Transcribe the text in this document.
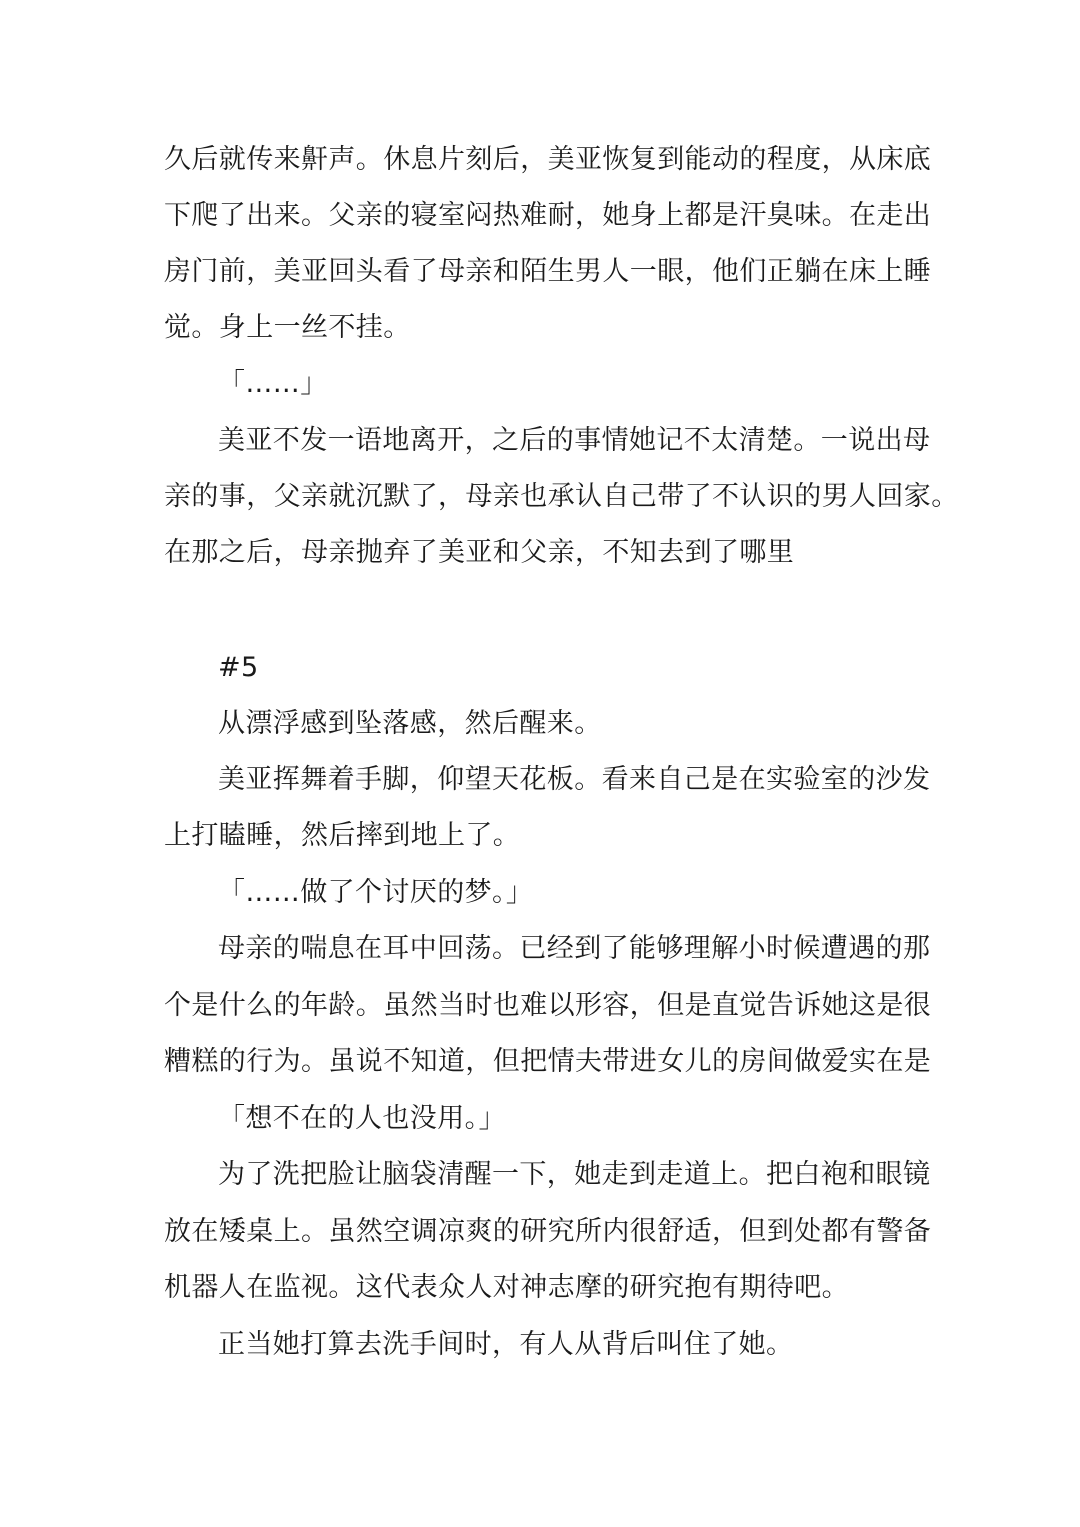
久后就传来鼾声。休息片刻后，美亚恢复到能动的程度，从床底
下爬了出来。父亲的寝室闷热难耐，她身上都是汗臭味。在走出
房门前，美亚回头看了母亲和陌生男人一眼，他们正躺在床上睡
觉。身上一丝不挂。
「……」
美亚不发一语地离开，之后的事情她记不太清楚。一说出母
亲的事，父亲就沉默了，母亲也承认自己带了不认识的男人回家。
在那之后，母亲抛弃了美亚和父亲，不知去到了哪里
#5
从漂浮感到坠落感，然后醒来。
美亚挥舞着手脚，仰望天花板。看来自己是在实验室的沙发
上打瞌睡，然后摔到地上了。
「……做了个讨厌的梦。」
母亲的喘息在耳中回荡。已经到了能够理解小时候遭遇的那
个是什么的年龄。虽然当时也难以形容，但是直觉告诉她这是很
糟糕的行为。虽说不知道，但把情夫带进女儿的房间做爱实在是
「想不在的人也没用。」
为了洗把脸让脑袋清醒一下，她走到走道上。把白袍和眼镜
放在矮桌上。虽然空调凉爽的研究所内很舒适，但到处都有警备
机器人在监视。这代表众人对神志摩的研究抱有期待吧。
正当她打算去洗手间时，有人从背后叫住了她。
